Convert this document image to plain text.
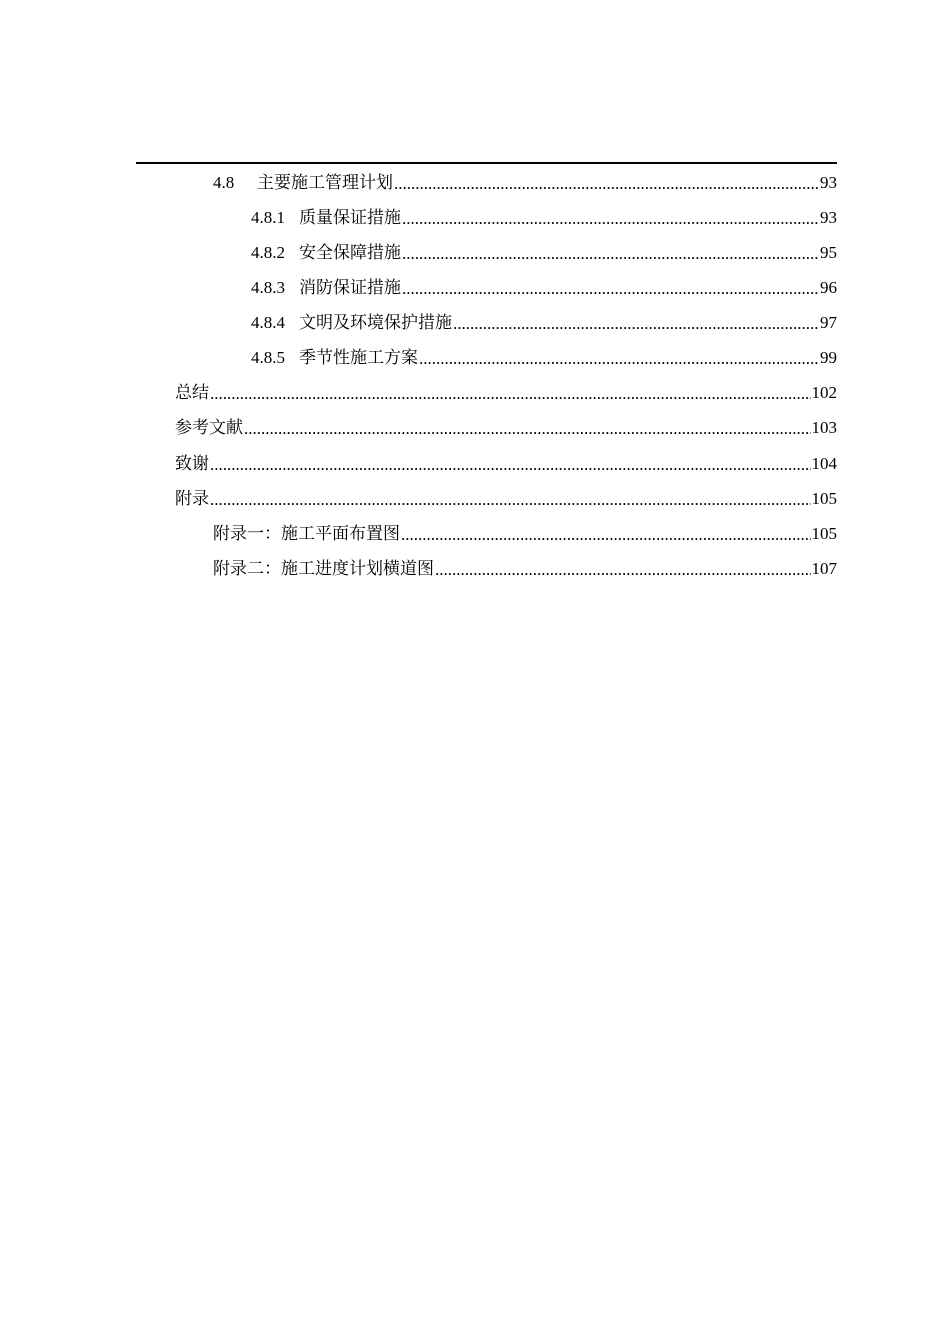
4.8	主要施工管理计划 .....	93
4.8.1 质量保证措施 .....	93
4.8.2 安全保障措施 .....	95
4.8.3 消防保证措施 .....	96
4.8.4 文明及环境保护措施 .....	97
4.8.5 季节性施工方案 .....	99
总结 .....	102
参考文献 .....	103
致谢 .....	104
附录 .....	105
附录一：施工平面布置图 .....	105
附录二：施工进度计划横道图 .....	107
